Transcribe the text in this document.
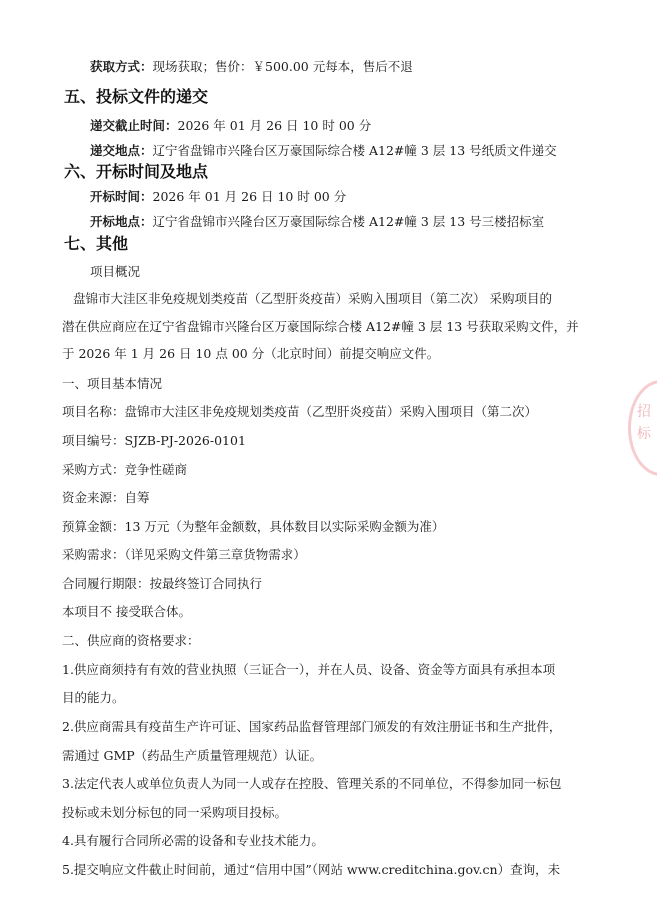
获取方式：现场获取；售价：￥500.00 元每本，售后不退
五、投标文件的递交
递交截止时间：2026 年 01 月 26 日 10 时 00 分
递交地点：辽宁省盘锦市兴隆台区万豪国际综合楼 A12#幢 3 层 13 号纸质文件递交
六、开标时间及地点
开标时间：2026 年 01 月 26 日 10 时 00 分
开标地点：辽宁省盘锦市兴隆台区万豪国际综合楼 A12#幢 3 层 13 号三楼招标室
七、其他
项目概况
盘锦市大洼区非免疫规划类疫苗（乙型肝炎疫苗）采购入围项目（第二次） 采购项目的
潜在供应商应在辽宁省盘锦市兴隆台区万豪国际综合楼 A12#幢 3 层 13 号获取采购文件，并
于 2026 年 1 月 26 日 10 点 00 分（北京时间）前提交响应文件。
一、项目基本情况
项目名称：盘锦市大洼区非免疫规划类疫苗（乙型肝炎疫苗）采购入围项目（第二次）
项目编号：SJZB-PJ-2026-0101
采购方式：竞争性磋商
资金来源：自筹
预算金额：13 万元（为整年金额数，具体数目以实际采购金额为准）
采购需求：（详见采购文件第三章货物需求）
合同履行期限：按最终签订合同执行
本项目不 接受联合体。
二、供应商的资格要求：
1.供应商须持有有效的营业执照（三证合一），并在人员、设备、资金等方面具有承担本项
目的能力。
2.供应商需具有疫苗生产许可证、国家药品监督管理部门颁发的有效注册证书和生产批件，
需通过 GMP（药品生产质量管理规范）认证。
3.法定代表人或单位负责人为同一人或存在控股、管理关系的不同单位，不得参加同一标包
投标或未划分标包的同一采购项目投标。
4.具有履行合同所必需的设备和专业技术能力。
5.提交响应文件截止时间前，通过“信用中国”（网站 www.creditchina.gov.cn）查询，未
招
标
